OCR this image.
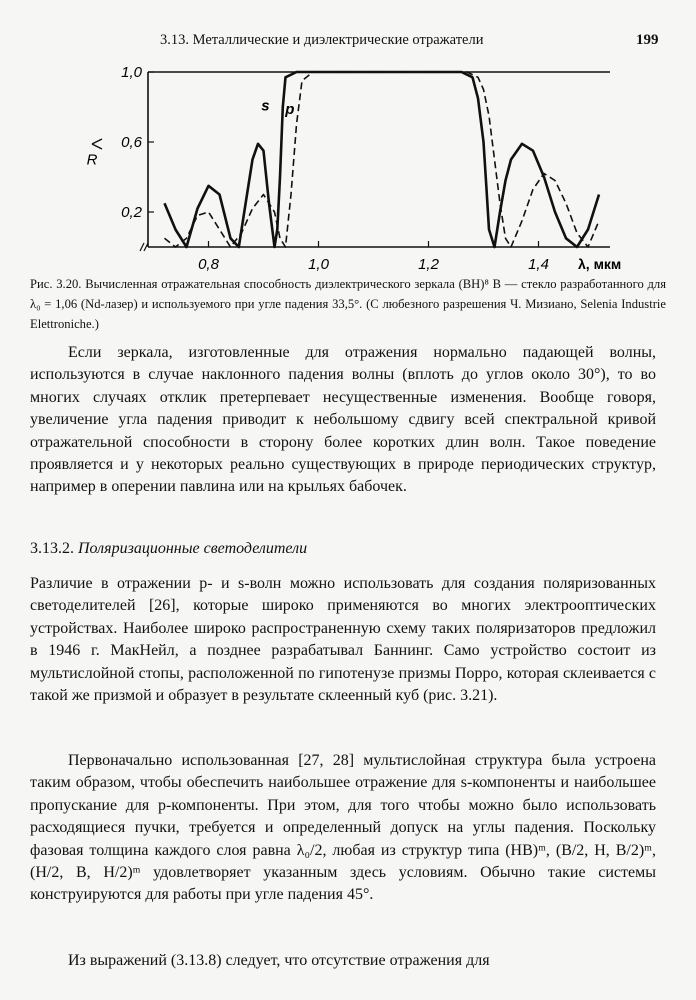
3.13. Металлические и диэлектрические отражатели	199
0,8	1,0	1,2	1,4
1,0
0,6
0,2
R
λ, мкм
s p

Рис. 3.20. Вычисленная отражательная способность диэлектрического зеркала (BH)⁸ B — стекло разработанного для λ₀ = 1,06 (Nd-лазер) и используемого при угле падения 33,5°. (С любезного разрешения Ч. Мизиано, Selenia Industrie Elettroniche.)

Если зеркала, изготовленные для отражения нормально падающей волны, используются в случае наклонного падения волны (вплоть до углов около 30°), то во многих случаях отклик претерпевает несущественные изменения. Вообще говоря, увеличение угла падения приводит к небольшому сдвигу всей спектральной кривой отражательной способности в сторону более коротких длин волн. Такое поведение проявляется и у некоторых реально существующих в природе периодических структур, например в оперении павлина или на крыльях бабочек.

3.13.2. Поляризационные светоделители

Различие в отражении p- и s-волн можно использовать для создания поляризованных светоделителей [26], которые широко применяются во многих электрооптических устройствах. Наиболее широко распространенную схему таких поляризаторов предложил в 1946 г. МакНейл, а позднее разрабатывал Баннинг. Само устройство состоит из мультислойной стопы, расположенной по гипотенузе призмы Порро, которая склеивается с такой же призмой и образует в результате склеенный куб (рис. 3.21).

Первоначально использованная [27, 28] мультислойная структура была устроена таким образом, чтобы обеспечить наибольшее отражение для s-компоненты и наибольшее пропускание для p-компоненты. При этом, для того чтобы можно было использовать расходящиеся пучки, требуется и определенный допуск на углы падения. Поскольку фазовая толщина каждого слоя равна λ₀/2, любая из структур типа (HB)ᵐ, (B/2, H, B/2)ᵐ, (H/2, B, H/2)ᵐ удовлетворяет указанным здесь условиям. Обычно такие системы конструируются для работы при угле падения 45°.

Из выражений (3.13.8) следует, что отсутствие отражения для
